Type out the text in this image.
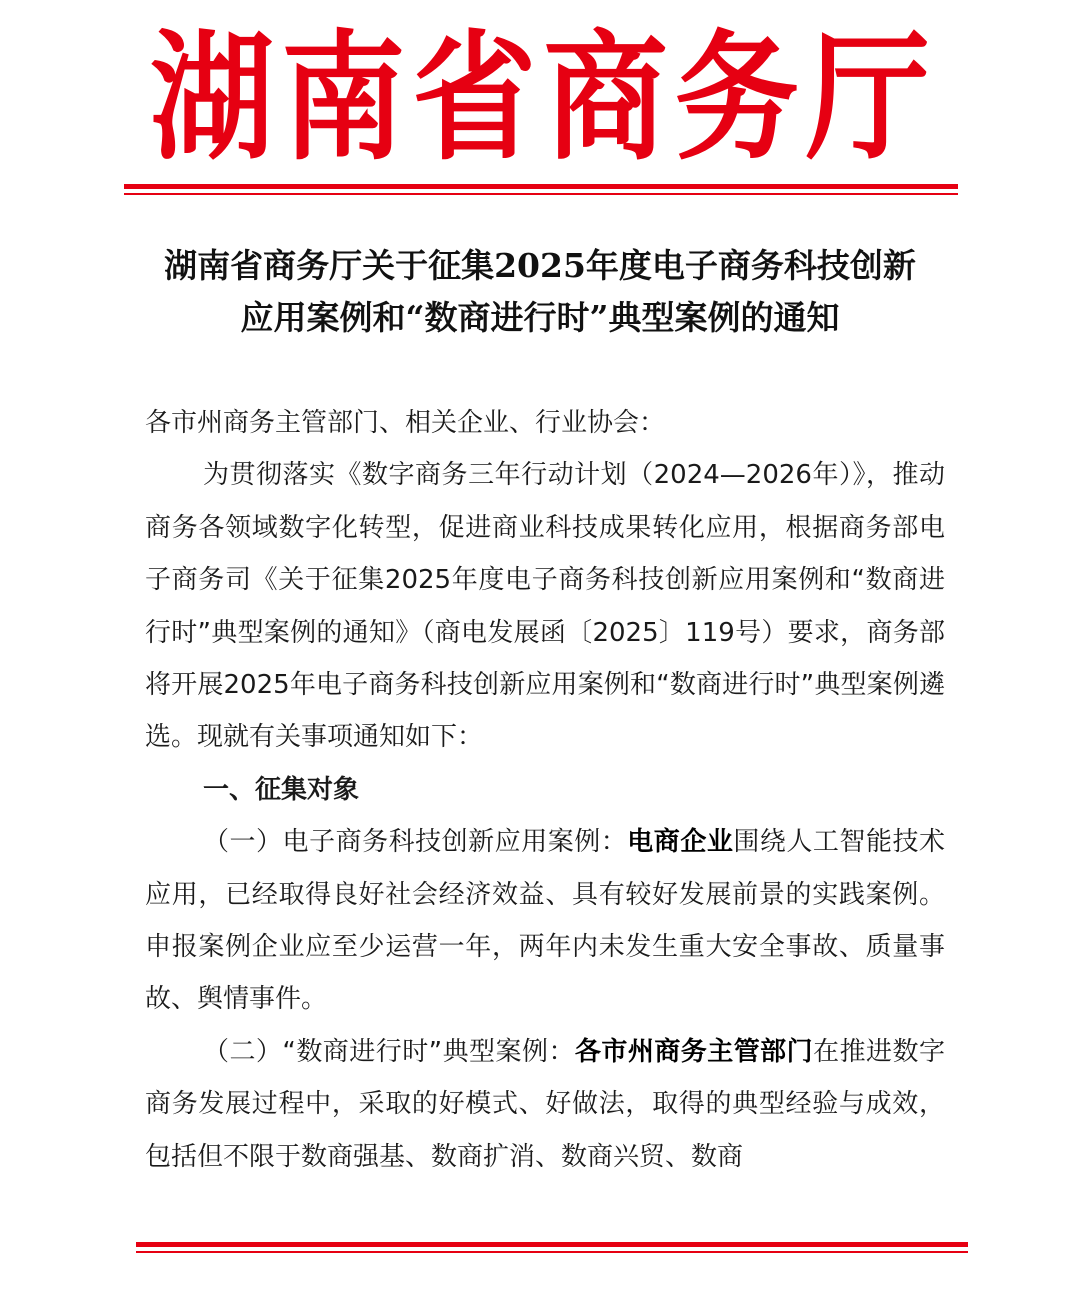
湖 南 省 商 务 厅
湖南省商务厅关于征集2025年度电子商务科技创新
应用案例和“数商进行时”典型案例的通知

各市州商务主管部门、相关企业、行业协会：

为贯彻落实《数字商务三年行动计划（2024—2026年）》，推动商务各领域数字化转型，促进商业科技成果转化应用，根据商务部电子商务司《关于征集2025年度电子商务科技创新应用案例和“数商进行时”典型案例的通知》（商电发展函〔2025〕119号）要求，商务部将开展2025年电子商务科技创新应用案例和“数商进行时”典型案例遴选。现就有关事项通知如下：

一、征集对象

（一）电子商务科技创新应用案例：电商企业围绕人工智能技术应用，已经取得良好社会经济效益、具有较好发展前景的实践案例。申报案例企业应至少运营一年，两年内未发生重大安全事故、质量事故、舆情事件。

（二）“数商进行时”典型案例：各市州商务主管部门在推进数字商务发展过程中，采取的好模式、好做法，取得的典型经验与成效，包括但不限于数商强基、数商扩消、数商兴贸、数商
